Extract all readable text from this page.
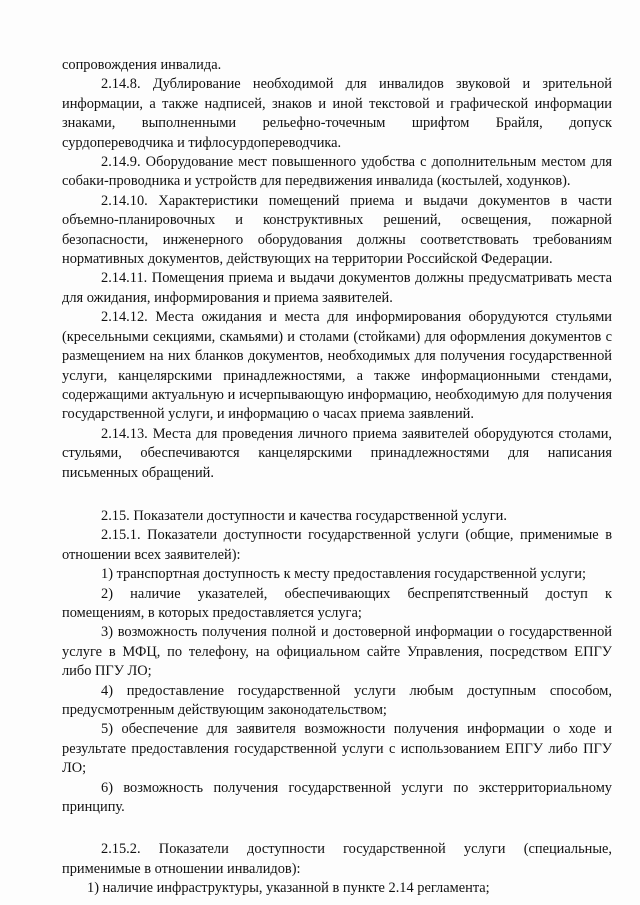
сопровождения инвалида.

2.14.8. Дублирование необходимой для инвалидов звуковой и зрительной информации, а также надписей, знаков и иной текстовой и графической информации знаками, выполненными рельефно-точечным шрифтом Брайля, допуск сурдопереводчика и тифлосурдопереводчика.

2.14.9. Оборудование мест повышенного удобства с дополнительным местом для собаки-проводника и устройств для передвижения инвалида (костылей, ходунков).

2.14.10. Характеристики помещений приема и выдачи документов в части объемно-планировочных и конструктивных решений, освещения, пожарной безопасности, инженерного оборудования должны соответствовать требованиям нормативных документов, действующих на территории Российской Федерации.

2.14.11. Помещения приема и выдачи документов должны предусматривать места для ожидания, информирования и приема заявителей.

2.14.12. Места ожидания и места для информирования оборудуются стульями (кресельными секциями, скамьями) и столами (стойками) для оформления документов с размещением на них бланков документов, необходимых для получения государственной услуги, канцелярскими принадлежностями, а также информационными стендами, содержащими актуальную и исчерпывающую информацию, необходимую для получения государственной услуги, и информацию о часах приема заявлений.

2.14.13. Места для проведения личного приема заявителей оборудуются столами, стульями, обеспечиваются канцелярскими принадлежностями для написания письменных обращений.

2.15. Показатели доступности и качества государственной услуги.

2.15.1. Показатели доступности государственной услуги (общие, применимые в отношении всех заявителей):

1) транспортная доступность к месту предоставления государственной услуги;

2) наличие указателей, обеспечивающих беспрепятственный доступ к помещениям, в которых предоставляется услуга;

3) возможность получения полной и достоверной информации о государственной услуге в МФЦ, по телефону, на официальном сайте Управления, посредством ЕПГУ либо ПГУ ЛО;

4) предоставление государственной услуги любым доступным способом, предусмотренным действующим законодательством;

5) обеспечение для заявителя возможности получения информации о ходе и результате предоставления государственной услуги с использованием ЕПГУ либо ПГУ ЛО;

6) возможность получения государственной услуги по экстерриториальному принципу.

2.15.2. Показатели доступности государственной услуги (специальные, применимые в отношении инвалидов):

1) наличие инфраструктуры, указанной в пункте 2.14 регламента;
